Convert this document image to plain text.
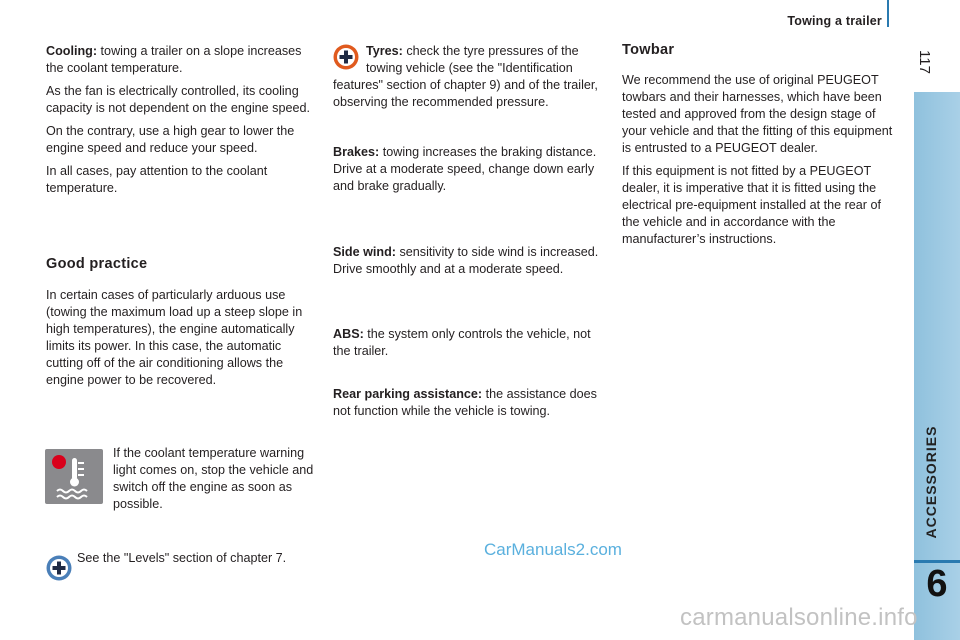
Towing a trailer
117
ACCESSORIES
6

Cooling: towing a trailer on a slope increases the coolant temperature.

As the fan is electrically controlled, its cooling capacity is not dependent on the engine speed.

On the contrary, use a high gear to lower the engine speed and reduce your speed.

In all cases, pay attention to the coolant temperature.

Good practice

In certain cases of particularly arduous use (towing the maximum load up a steep slope in high temperatures), the engine automatically limits its power. In this case, the automatic cutting off of the air conditioning allows the engine power to be recovered.

If the coolant temperature warning light comes on, stop the vehicle and switch off the engine as soon as possible.

See the "Levels" section of chapter 7.

Tyres: check the tyre pressures of the
towing vehicle (see the "Identification
features" section of chapter 9) and of the trailer, observing the recommended pressure.

Brakes: towing increases the braking distance. Drive at a moderate speed, change down early and brake gradually.

Side wind: sensitivity to side wind is increased. Drive smoothly and at a moderate speed.

ABS: the system only controls the vehicle, not the trailer.

Rear parking assistance: the assistance does not function while the vehicle is towing.

Towbar

We recommend the use of original PEUGEOT towbars and their harnesses, which have been tested and approved from the design stage of your vehicle and that the fitting of this equipment is entrusted to a PEUGEOT dealer.

If this equipment is not fitted by a PEUGEOT dealer, it is imperative that it is fitted using the electrical pre-equipment installed at the rear of the vehicle and in accordance with the manufacturer’s instructions.

CarManuals2.com
carmanualsonline.info
